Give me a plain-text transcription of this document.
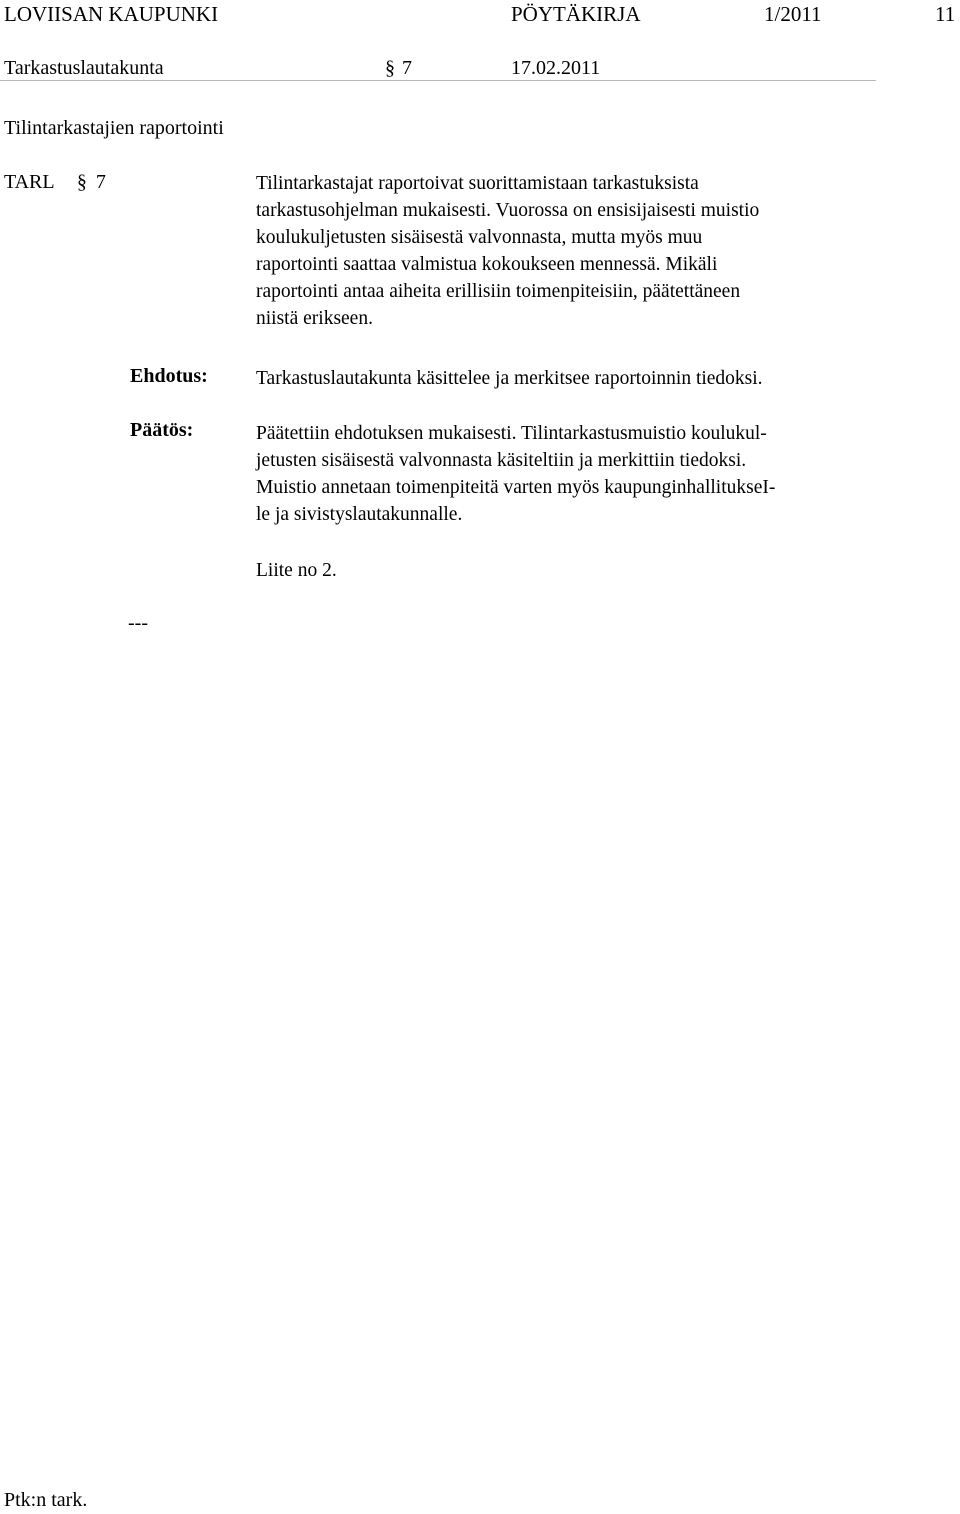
LOVIISAN KAUPUNKI	PÖYTÄKIRJA	1/2011	11
Tarkastuslautakunta	§ 7	17.02.2011
Tilintarkastajien raportointi
TARL § 7	Tilintarkastajat raportoivat suorittamistaan tarkastuksista
tarkastusohjelman mukaisesti. Vuorossa on ensisijaisesti muistio
koulukuljetusten sisäisestä valvonnasta, mutta myös muu
raportointi saattaa valmistua kokoukseen mennessä. Mikäli
raportointi antaa aiheita erillisiin toimenpiteisiin, päätettäneen
niistä erikseen.
Ehdotus: Tarkastuslautakunta käsittelee ja merkitsee raportoinnin tiedoksi.
Päätös:	Päätettiin ehdotuksen mukaisesti. Tilintarkastusmuistio koulukul-
jetusten sisäisestä valvonnasta käsiteltiin ja merkittiin tiedoksi.
Muistio annetaan toimenpiteitä varten myös kaupunginhallitukseI-
le ja sivistyslautakunnalle.
Liite no 2.
---
Ptk:n tark.
